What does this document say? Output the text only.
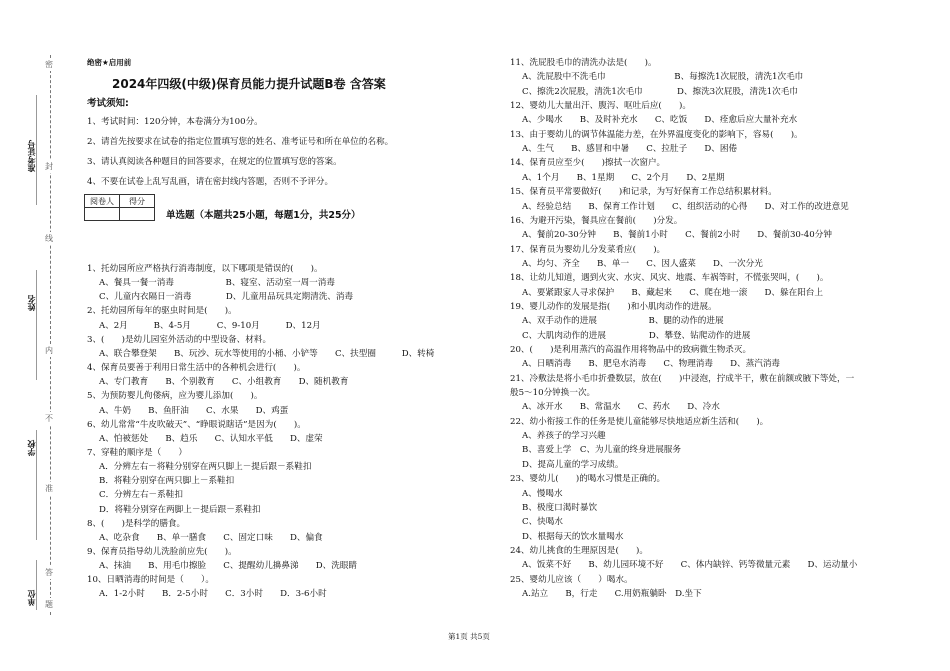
准考证号
姓名
学校
单位
密
封
线
内
不
准
答
题
绝密★启用前
2024年四级(中级)保育员能力提升试题B卷 含答案
考试须知:
1、考试时间：120分钟，本卷满分为100分。
2、请首先按要求在试卷的指定位置填写您的姓名、准考证号和所在单位的名称。
3、请认真阅读各种题目的回答要求，在规定的位置填写您的答案。
4、不要在试卷上乱写乱画，请在密封线内答题，否则不予评分。
阅卷人	得分

单选题（本题共25小题，每题1分，共25分）
1、托幼园所应严格执行消毒制度，以下哪项是错误的(　　)。
A、餐具一餐一消毒　　　　　　B、寝室、活动室一周一消毒
C、儿童内衣隔日一消毒　　　　D、儿童用品玩具定期清洗、消毒
2、托幼园所每年的驱虫时间是(　　)。
A、2月　　　B、4-5月　　　C、9-10月　　　D、12月
3、(　　)是幼儿园室外活动的中型设备、材料。
A、联合攀登架　　B、玩沙、玩水等使用的小桶、小铲等　　C、扶型圈　　　D、转椅
4、保育员要善于利用日常生活中的各种机会进行(　　)。
A、专门教育　　B、个别教育　　C、小组教育　　D、随机教育
5、为预防婴儿佝偻病，应为婴儿添加(　　)。
A、牛奶　　B、鱼肝油　　C、水果　　D、鸡蛋
6、幼儿常常“牛皮吹破天”、“睁眼说瞎话”是因为(　　)。
A、怕被惩处　　B、趋乐　　C、认知水平低　　D、虚荣
7、穿鞋的顺序是（　　）
A．分辨左右－将鞋分别穿在两只脚上－提后跟－系鞋扣
B．将鞋分别穿在两只脚上－系鞋扣
C．分辨左右－系鞋扣
D．将鞋分别穿在两脚上－提后跟－系鞋扣
8、(　　)是科学的膳食。
A、吃杂食　　B、单一膳食　　C、固定口味　　D、偏食
9、保育员指导幼儿洗脸前应先(　　)。
A、抹油　　B、用毛巾擦脸　　C、提醒幼儿擤鼻涕　　D、洗眼睛
10、日晒消毒的时间是（　　）。
A．1-2小时　　B．2-5小时　　C．3小时　　D．3-6小时
11、洗屁股毛巾的清洗办法是(　　)。
A、洗屁股中不洗毛巾　　　　　　　　B、每擦洗1次屁股，清洗1次毛巾
C、擦洗2次屁股，清洗1次毛巾　　　　D、擦洗3次屁股，清洗1次毛巾
12、婴幼儿大量出汗、腹泻、呕吐后应(　　)。
A、少喝水　　B、及时补充水　　C、吃饭　　D、痊愈后应大量补充水
13、由于婴幼儿的调节体温能力差，在外界温度变化的影响下，容易(　　)。
A、生气　　B、感冒和中暑　　C、拉肚子　　D、困倦
14、保育员应至少(　　)擦拭一次窗户。
A、1个月　　B、1星期　　C、2个月　　D、2星期
15、保育员平常要做好(　　)和记录，为写好保育工作总结积累材料。
A、经验总结　　B、保育工作计划　　C、组织活动的心得　　D、对工作的改进意见
16、为避开污染，餐具应在餐前(　　)分发。
A、餐前20-30分钟　　B、餐前1小时　　C、餐前2小时　　D、餐前30-40分钟
17、保育员为婴幼儿分发菜肴应(　　)。
A、均匀、齐全　　B、单一　　C、因人盛菜　　D、一次分光
18、让幼儿知道，遇到火灾、水灾、风灾、地震、车祸等时，不慌张哭叫，(　　)。
A、要紧跟家人寻求保护　　B、藏起来　　C、爬在地一滚　　D、躲在阳台上
19、婴儿动作的发展是指(　　)和小肌肉动作的进展。
A、双手动作的进展　　　　　　B、腿的动作的进展
C、大肌肉动作的进展　　　　　D、攀登、钻爬动作的进展
20、(　　)是利用蒸汽的高温作用将物品中的致病微生物杀灭。
A、日晒消毒　　B、肥皂水消毒　　C、物理消毒　　D、蒸汽消毒
21、冷敷法是将小毛巾折叠数层，放在(　　)中浸泡，拧成半干，敷在前额或腋下等处，一
般5～10分钟换一次。
A、冰开水　　B、常温水　　C、药水　　D、冷水
22、幼小衔接工作的任务是使儿童能够尽快地适应新生活和(　　)。
A、养孩子的学习兴趣
B、喜爱上学　C、为儿童的终身进展服务
D、提高儿童的学习成绩。
23、婴幼儿(　　)的喝水习惯是正确的。
A、慢喝水
B、极度口渴时暴饮
C、快喝水
D、根据每天的饮水量喝水
24、幼儿挑食的生理原因是(　　)。
A、饭菜不好　　B、幼儿园环境不好　　C、体内缺锌、钙等微量元素　　D、运动量小
25、婴幼儿应该（　　）喝水。
A.站立　　B，行走　　C.用奶瓶躺卧　D.坐下
第1页 共5页
